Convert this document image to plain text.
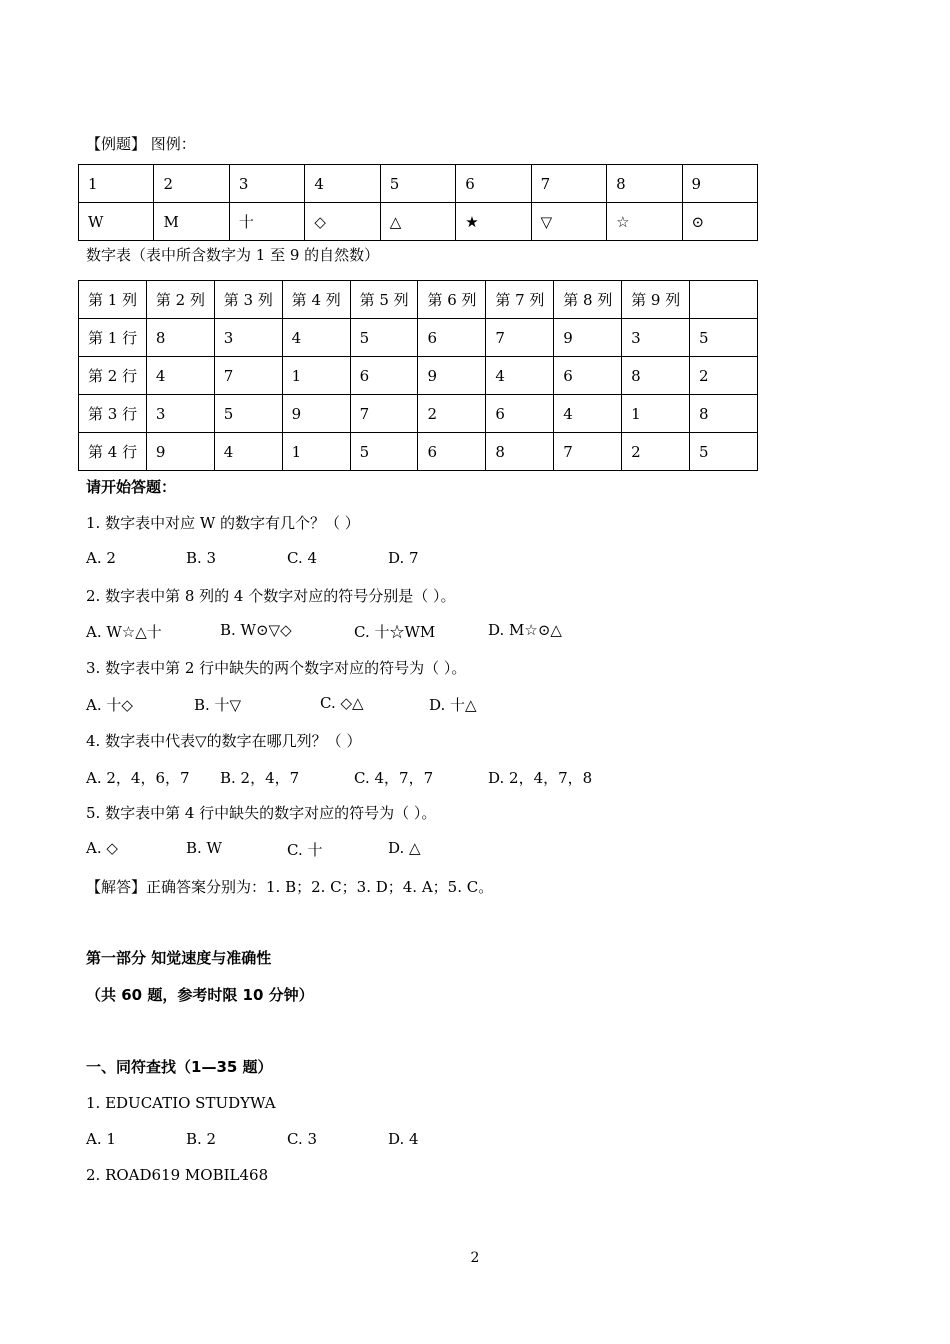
【例题】 图例：
1	2	3	4	5	6	7	8	9
W	M	十	◇	△	★	▽	☆	⊙
数字表（表中所含数字为 1 至 9 的自然数）
第 1 列	第 2 列	第 3 列	第 4 列	第 5 列	第 6 列	第 7 列	第 8 列	第 9 列	
第 1 行	8	3	4	5	6	7	9	3	5
第 2 行	4	7	1	6	9	4	6	8	2
第 3 行	3	5	9	7	2	6	4	1	8
第 4 行	9	4	1	5	6	8	7	2	5
请开始答题：
1. 数字表中对应 W 的数字有几个？（ ）
A. 2	B. 3	C. 4	D. 7
2. 数字表中第 8 列的 4 个数字对应的符号分别是（ ）。
A. W☆△十	B. W⊙▽◇	C. 十☆WM	D. M☆⊙△
3. 数字表中第 2 行中缺失的两个数字对应的符号为（ ）。
A. 十◇	B. 十▽	C. ◇△	D. 十△
4. 数字表中代表▽的数字在哪几列？（ ）
A. 2，4，6，7 B. 2，4，7	C. 4，7，7	D. 2，4，7，8
5. 数字表中第 4 行中缺失的数字对应的符号为（ ）。
A. ◇	B. W	C. 十	D. △
【解答】正确答案分别为：1. B；2. C；3. D；4. A；5. C。
第一部分 知觉速度与准确性
（共 60 题，参考时限 10 分钟）
一、同符查找（1—35 题）
1. EDUCATIO STUDYWA
A. 1	B. 2	C. 3	D. 4
2. ROAD619 MOBIL468
2
